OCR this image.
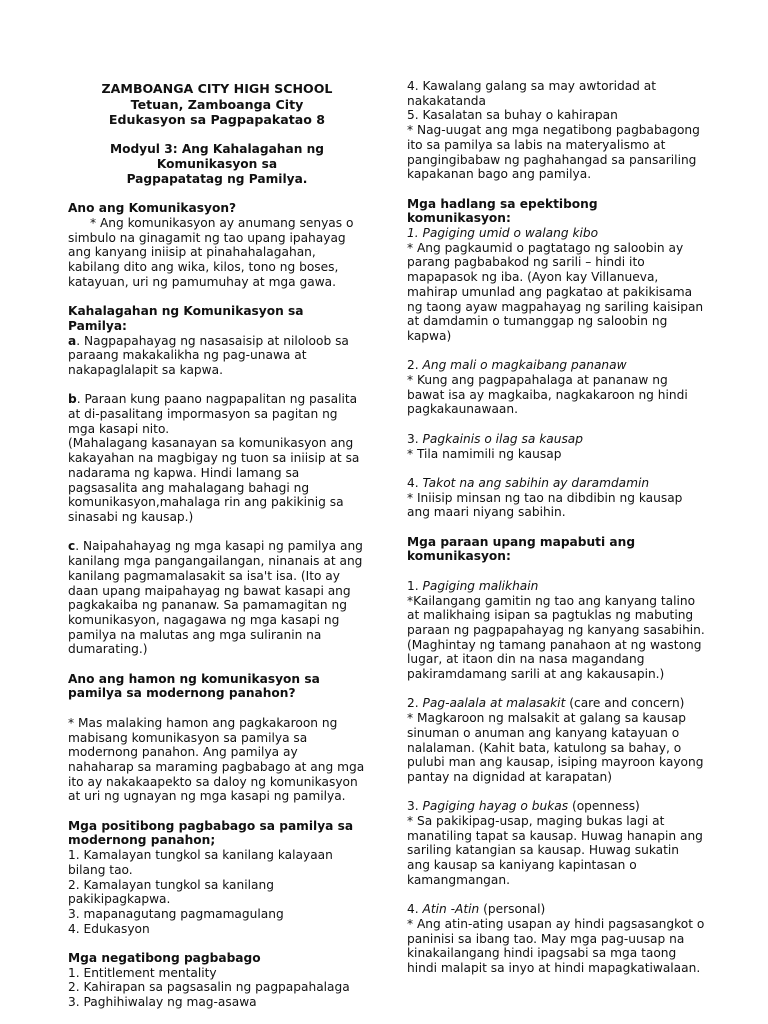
ZAMBOANGA CITY HIGH SCHOOL

Tetuan, Zamboanga City

Edukasyon sa Pagpapakatao 8

Modyul 3: Ang Kahalagahan ng Komunikasyon sa

Pagpapatatag ng Pamilya.

Ano ang Komunikasyon?

* Ang komunikasyon ay anumang senyas o simbulo na ginagamit ng tao upang ipahayag ang kanyang iniisip at pinahahalagahan, kabilang dito ang wika, kilos, tono ng boses, katayuan, uri ng pamumuhay at mga gawa.

Kahalagahan ng Komunikasyon sa Pamilya:

a. Nagpapahayag ng nasasaisip at niloloob sa paraang makakalikha ng pag-unawa at nakapaglalapit sa kapwa.

b. Paraan kung paano nagpapalitan ng pasalita at di-pasalitang impormasyon sa pagitan ng mga kasapi nito.

(Mahalagang kasanayan sa komunikasyon ang kakayahan na magbigay ng tuon sa iniisip at sa nadarama ng kapwa. Hindi lamang sa pagsasalita ang mahalagang bahagi ng komunikasyon,mahalaga rin ang pakikinig sa sinasabi ng kausap.)

c. Naipahahayag ng mga kasapi ng pamilya ang kanilang mga pangangailangan, ninanais at ang kanilang pagmamalasakit sa isa't isa. (Ito ay daan upang maipahayag ng bawat kasapi ang pagkakaiba ng pananaw. Sa pamamagitan ng komunikasyon, nagagawa ng mga kasapi ng pamilya na malutas ang mga suliranin na dumarating.)

Ano ang hamon ng komunikasyon sa pamilya sa modernong panahon?

* Mas malaking hamon ang pagkakaroon ng mabisang komunikasyon sa pamilya sa modernong panahon. Ang pamilya ay nahaharap sa maraming pagbabago at ang mga ito ay nakakaapekto sa daloy ng komunikasyon at uri ng ugnayan ng mga kasapi ng pamilya.

Mga positibong pagbabago sa pamilya sa modernong panahon;

1. Kamalayan tungkol sa kanilang kalayaan bilang tao.

2. Kamalayan tungkol sa kanilang pakikipagkapwa.

3. mapanagutang pagmamagulang

4. Edukasyon

Mga negatibong pagbabago

1. Entitlement mentality

2. Kahirapan sa pagsasalin ng pagpapahalaga

3. Paghihiwalay ng mag-asawa

4. Kawalang galang sa may awtoridad at nakakatanda

5. Kasalatan sa buhay o kahirapan

* Nag-uugat ang mga negatibong pagbabagong ito sa pamilya sa labis na materyalismo at pangingibabaw ng paghahangad sa pansariling kapakanan bago ang pamilya.

Mga hadlang sa epektibong komunikasyon:

1. Pagiging umid o walang kibo

* Ang pagkaumid o pagtatago ng saloobin ay parang pagbabakod ng sarili – hindi ito mapapasok ng iba. (Ayon kay Villanueva, mahirap umunlad ang pagkatao at pakikisama ng taong ayaw magpahayag ng sariling kaisipan at damdamin o tumanggap ng saloobin ng kapwa)

2. Ang mali o magkaibang pananaw

* Kung ang pagpapahalaga at pananaw ng bawat isa ay magkaiba, nagkakaroon ng hindi pagkakaunawaan.

3. Pagkainis o ilag sa kausap

* Tila namimili ng kausap

4. Takot na ang sabihin ay daramdamin

* Iniisip minsan ng tao na dibdibin ng kausap ang maari niyang sabihin.

Mga paraan upang mapabuti ang komunikasyon:

1. Pagiging malikhain

*Kailangang gamitin ng tao ang kanyang talino at malikhaing isipan sa pagtuklas ng mabuting paraan ng pagpapahayag ng kanyang sasabihin. (Maghintay ng tamang panahaon at ng wastong lugar, at itaon din na nasa magandang pakiramdamang sarili at ang kakausapin.)

2. Pag-aalala at malasakit (care and concern)

* Magkaroon ng malsakit at galang sa kausap sinuman o anuman ang kanyang katayuan o nalalaman. (Kahit bata, katulong sa bahay, o pulubi man ang kausap, isiping mayroon kayong pantay na dignidad at karapatan)

3. Pagiging hayag o bukas (openness)

* Sa pakikipag-usap, maging bukas lagi at manatiling tapat sa kausap. Huwag hanapin ang sariling katangian sa kausap. Huwag sukatin ang kausap sa kaniyang kapintasan o kamangmangan.

4. Atin -Atin (personal)

* Ang atin-ating usapan ay hindi pagsasangkot o paninisi sa ibang tao. May mga pag-uusap na kinakailangang hindi ipagsabi sa mga taong hindi malapit sa inyo at hindi mapagkatiwalaan.
